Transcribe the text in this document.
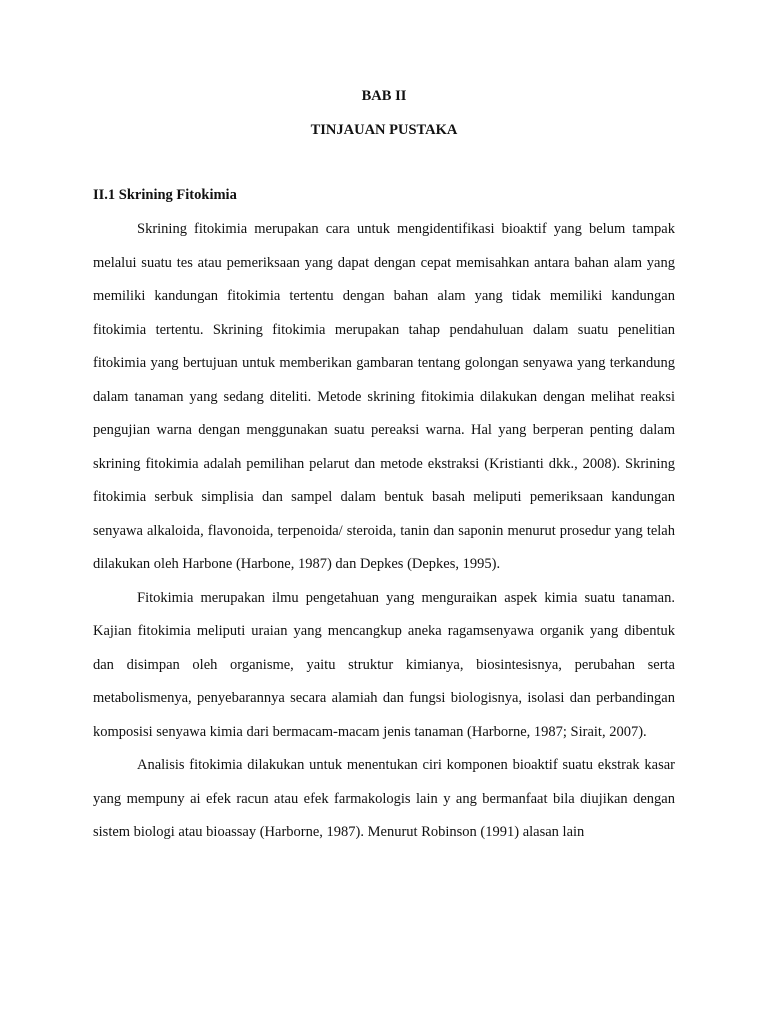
BAB II
TINJAUAN PUSTAKA
II.1 Skrining Fitokimia

Skrining fitokimia merupakan cara untuk mengidentifikasi bioaktif yang belum tampak melalui suatu tes atau pemeriksaan yang dapat dengan cepat memisahkan antara bahan alam yang memiliki kandungan fitokimia tertentu dengan bahan alam yang tidak memiliki kandungan fitokimia tertentu. Skrining fitokimia merupakan tahap pendahuluan dalam suatu penelitian fitokimia yang bertujuan untuk memberikan gambaran tentang golongan senyawa yang terkandung dalam tanaman yang sedang diteliti. Metode skrining fitokimia dilakukan dengan melihat reaksi pengujian warna dengan menggunakan suatu pereaksi warna. Hal yang berperan penting dalam skrining fitokimia adalah pemilihan pelarut dan metode ekstraksi (Kristianti dkk., 2008). Skrining fitokimia serbuk simplisia dan sampel dalam bentuk basah meliputi pemeriksaan kandungan senyawa alkaloida, flavonoida, terpenoida/ steroida, tanin dan saponin menurut prosedur yang telah dilakukan oleh Harbone (Harbone, 1987) dan Depkes (Depkes, 1995).

Fitokimia merupakan ilmu pengetahuan yang menguraikan aspek kimia suatu tanaman. Kajian fitokimia meliputi uraian yang mencangkup aneka ragamsenyawa organik yang dibentuk dan disimpan oleh organisme, yaitu struktur kimianya, biosintesisnya, perubahan serta metabolismenya, penyebarannya secara alamiah dan fungsi biologisnya, isolasi dan perbandingan komposisi senyawa kimia dari bermacam-macam jenis tanaman (Harborne, 1987; Sirait, 2007).

Analisis fitokimia dilakukan untuk menentukan ciri komponen bioaktif suatu ekstrak kasar yang mempuny ai efek racun atau efek farmakologis lain y ang bermanfaat bila diujikan dengan sistem biologi atau bioassay (Harborne, 1987). Menurut Robinson (1991) alasan lain
